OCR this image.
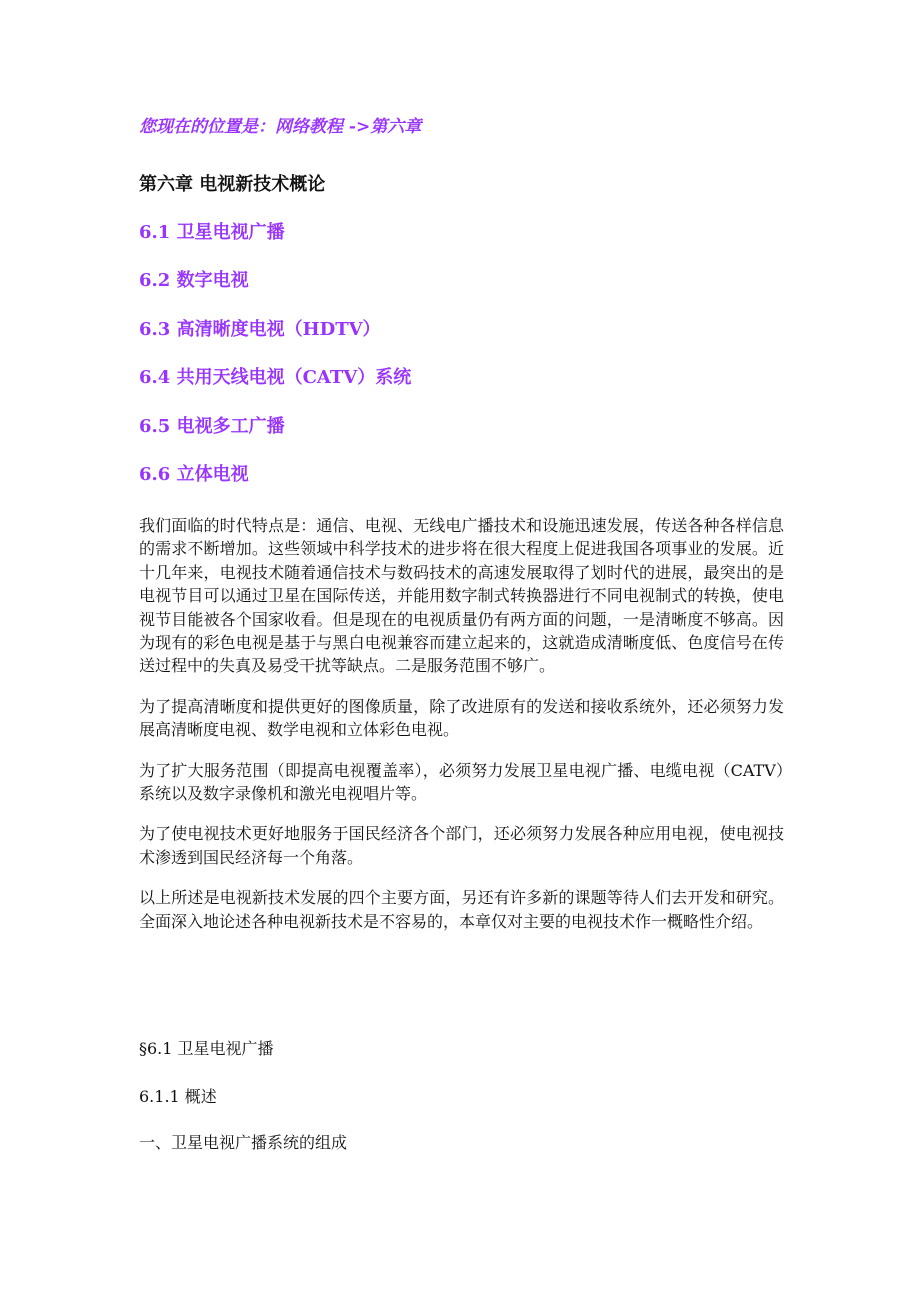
您现在的位置是：网络教程 ->第六章
第六章 电视新技术概论
6.1 卫星电视广播
6.2 数字电视
6.3 高清晰度电视（HDTV）
6.4 共用天线电视（CATV）系统
6.5 电视多工广播
6.6 立体电视

我们面临的时代特点是：通信、电视、无线电广播技术和设施迅速发展，传送各种各样信息的需求不断增加。这些领域中科学技术的进步将在很大程度上促进我国各项事业的发展。近十几年来，电视技术随着通信技术与数码技术的高速发展取得了划时代的进展，最突出的是电视节目可以通过卫星在国际传送，并能用数字制式转换器进行不同电视制式的转换，使电视节目能被各个国家收看。但是现在的电视质量仍有两方面的问题，一是清晰度不够高。因为现有的彩色电视是基于与黑白电视兼容而建立起来的，这就造成清晰度低、色度信号在传送过程中的失真及易受干扰等缺点。二是服务范围不够广。

为了提高清晰度和提供更好的图像质量，除了改进原有的发送和接收系统外，还必须努力发展高清晰度电视、数学电视和立体彩色电视。

为了扩大服务范围（即提高电视覆盖率），必须努力发展卫星电视广播、电缆电视（CATV）系统以及数字录像机和激光电视唱片等。

为了使电视技术更好地服务于国民经济各个部门，还必须努力发展各种应用电视，使电视技术渗透到国民经济每一个角落。

以上所述是电视新技术发展的四个主要方面，另还有许多新的课题等待人们去开发和研究。全面深入地论述各种电视新技术是不容易的，本章仅对主要的电视技术作一概略性介绍。

§6.1 卫星电视广播
6.1.1 概述
一、卫星电视广播系统的组成
